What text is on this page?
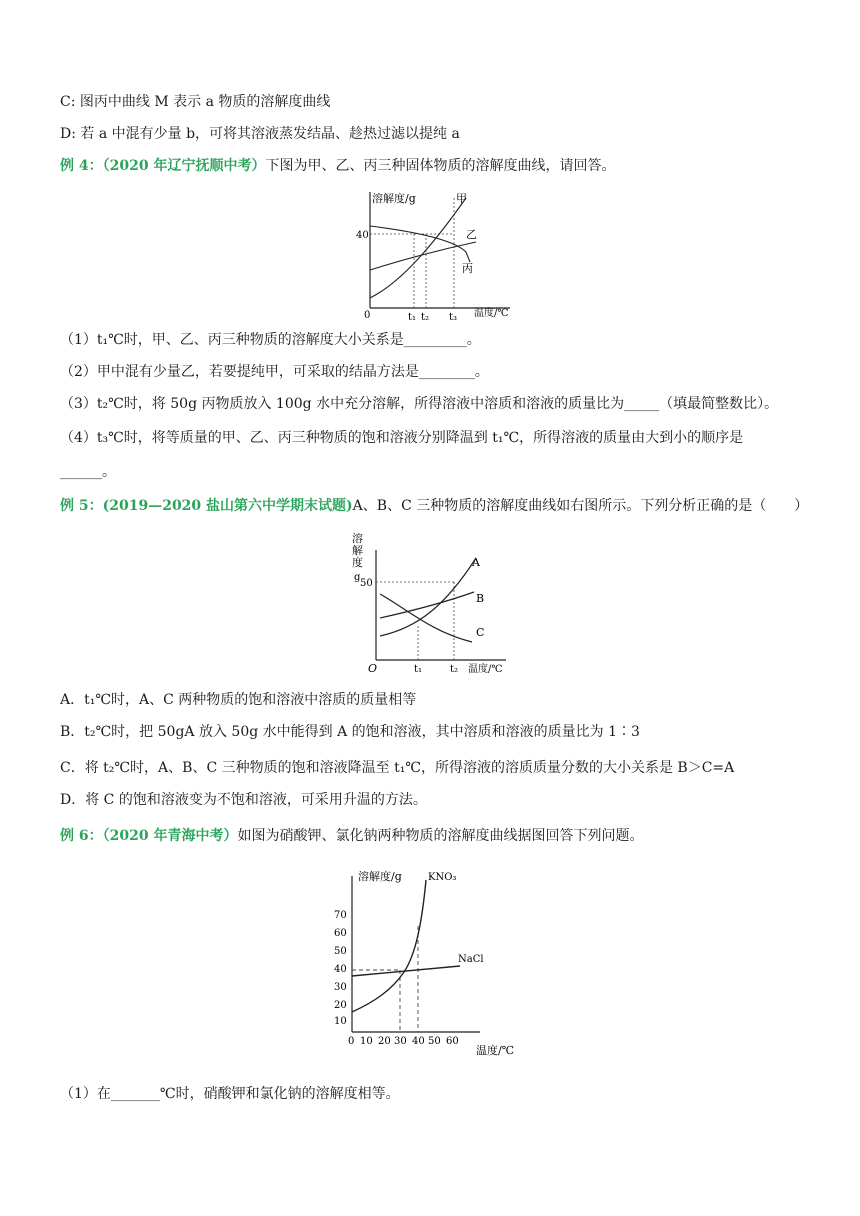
C: 图丙中曲线 M 表示 a 物质的溶解度曲线
D: 若 a 中混有少量 b，可将其溶液蒸发结晶、趁热过滤以提纯 a
例 4：（2020 年辽宁抚顺中考）下图为甲、乙、丙三种固体物质的溶解度曲线，请回答。
溶解度/g
温度/℃
0
40
甲
乙
丙
t₁ t₂ t₃
（1）t₁℃时，甲、乙、丙三种物质的溶解度大小关系是_________。
（2）甲中混有少量乙，若要提纯甲，可采取的结晶方法是________。
（3）t₂℃时，将 50g 丙物质放入 100g 水中充分溶解，所得溶液中溶质和溶液的质量比为_____（填最简整数比）。
（4）t₃℃时，将等质量的甲、乙、丙三种物质的饱和溶液分别降温到 t₁℃，所得溶液的质量由大到小的顺序是
______。
例 5：(2019—2020 盐山第六中学期末试题)A、B、C 三种物质的溶解度曲线如右图所示。下列分析正确的是（　　）
溶
解
度
g
50
A
B
C
O	t₁	t₂ 温度/℃
A．t₁℃时，A、C 两种物质的饱和溶液中溶质的质量相等
B．t₂℃时，把 50gA 放入 50g 水中能得到 A 的饱和溶液，其中溶质和溶液的质量比为 1∶3
C．将 t₂℃时，A、B、C 三种物质的饱和溶液降温至 t₁℃，所得溶液的溶质质量分数的大小关系是 B＞C=A
D．将 C 的饱和溶液变为不饱和溶液，可采用升温的方法。
例 6：（2020 年青海中考）如图为硝酸钾、氯化钠两种物质的溶解度曲线据图回答下列问题。
溶解度/g
70
60
50
40
30
20
10
0 10 20 30 40 50 60
温度/℃
KNO₃
NaCl
（1）在_______℃时，硝酸钾和氯化钠的溶解度相等。
